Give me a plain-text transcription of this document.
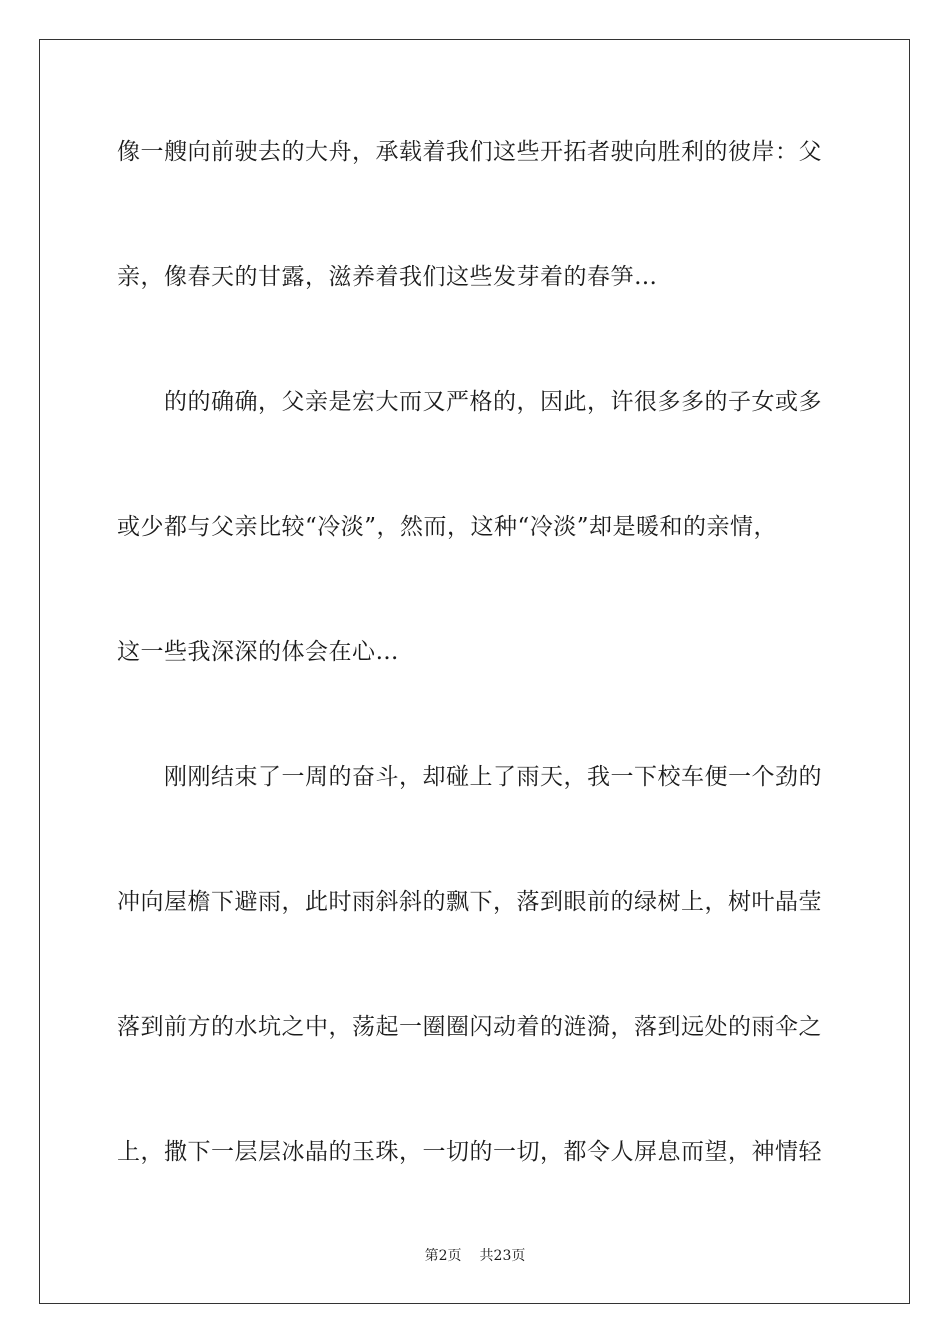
像一艘向前驶去的大舟，承载着我们这些开拓者驶向胜利的彼岸：父
亲，像春天的甘露，滋养着我们这些发芽着的春笋…
　　的的确确，父亲是宏大而又严格的，因此，许很多多的子女或多
或少都与父亲比较“冷淡”，然而，这种“冷淡”却是暖和的亲情，
这一些我深深的体会在心…
　　刚刚结束了一周的奋斗，却碰上了雨天，我一下校车便一个劲的
冲向屋檐下避雨，此时雨斜斜的飘下，落到眼前的绿树上，树叶晶莹
落到前方的水坑之中，荡起一圈圈闪动着的涟漪，落到远处的雨伞之
上，撒下一层层冰晶的玉珠，一切的一切，都令人屏息而望，神情轻
第2页 共23页
